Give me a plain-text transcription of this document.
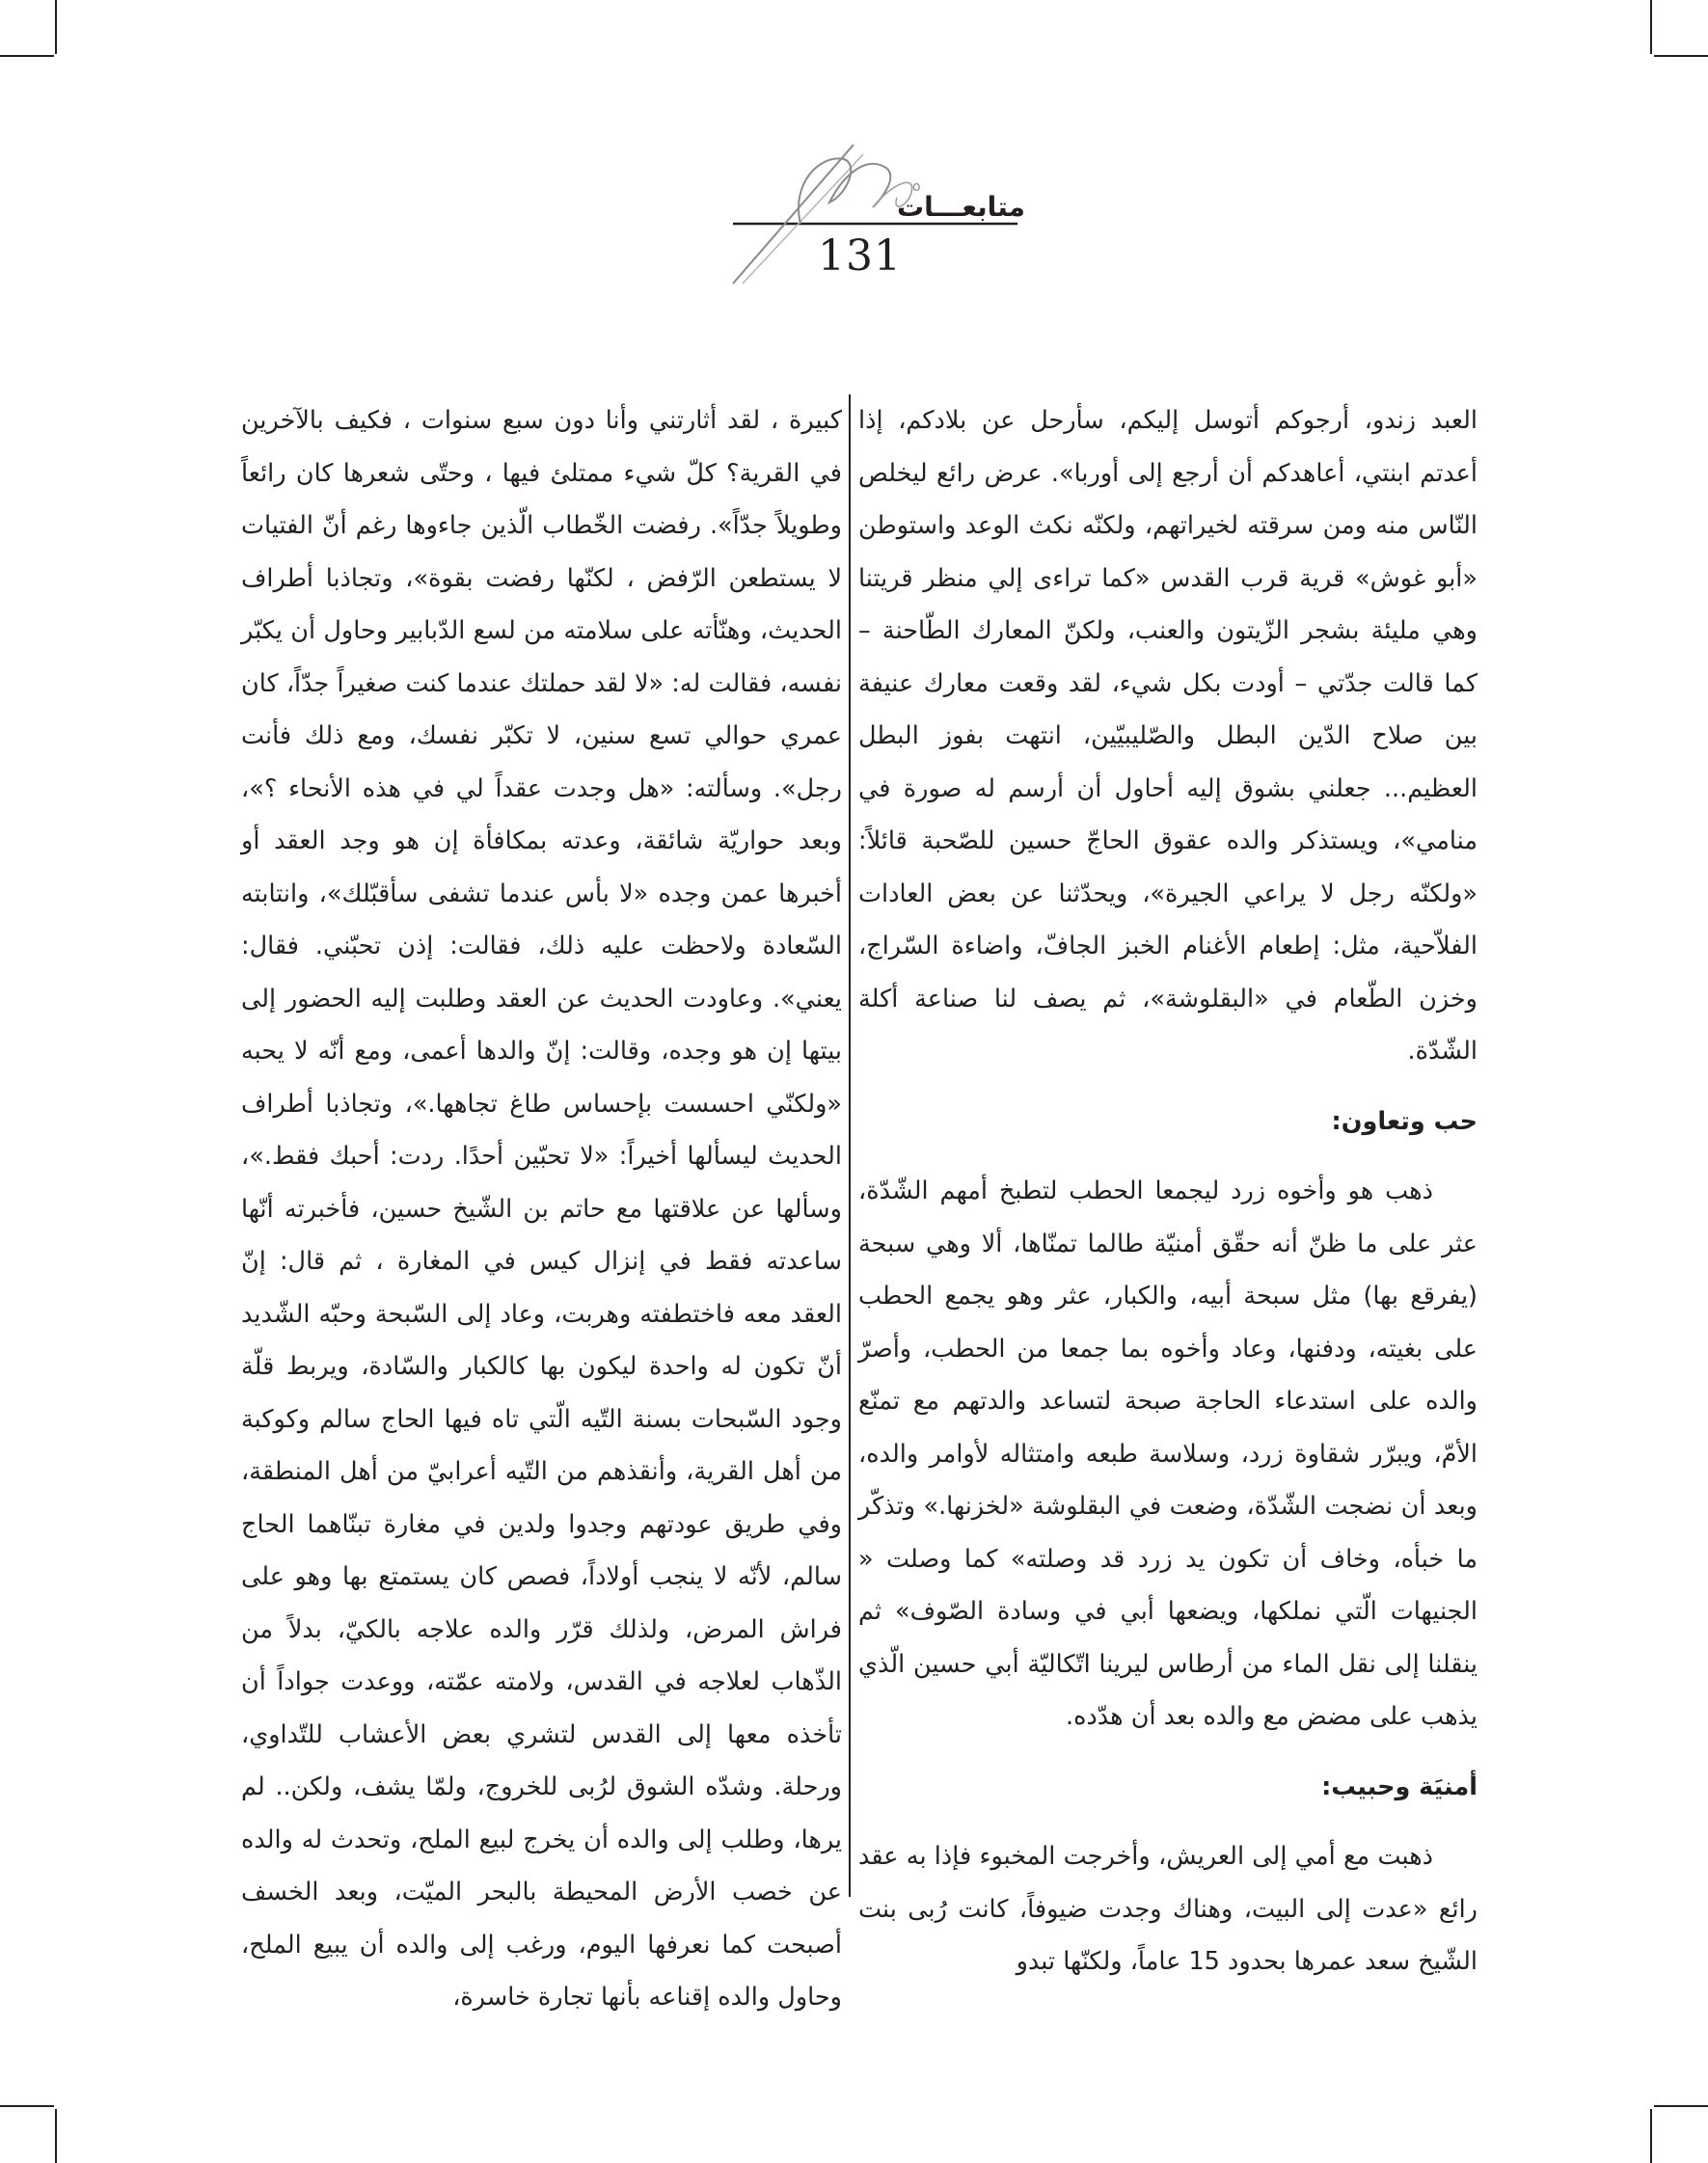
o
متابعـــات
131

العبد زندو، أرجوكم أتوسل إليكم، سأرحل عن بلادكم، إذا أعدتم ابنتي، أعاهدكم أن أرجع إلى أوربا». عرض رائع ليخلص النّاس منه ومن سرقته لخيراتهم، ولكنّه نكث الوعد واستوطن «أبو غوش» قرية قرب القدس «كما تراءى إلي منظر قريتنا وهي مليئة بشجر الزّيتون والعنب، ولكنّ المعارك الطّاحنة – كما قالت جدّتي – أودت بكل شيء، لقد وقعت معارك عنيفة بين صلاح الدّين البطل والصّليبيّين، انتهت بفوز البطل العظيم... جعلني بشوق إليه أحاول أن أرسم له صورة في منامي»، ويستذكر والده عقوق الحاجّ حسين للصّحبة قائلاً: «ولكنّه رجل لا يراعي الجيرة»، ويحدّثنا عن بعض العادات الفلاّحية، مثل: إطعام الأغنام الخبز الجافّ، واضاءة السّراج، وخزن الطّعام في «البقلوشة»، ثم يصف لنا صناعة أكلة الشّدّة.

حب وتعاون:

ذهب هو وأخوه زرد ليجمعا الحطب لتطبخ أمهم الشّدّة، عثر على ما ظنّ أنه حقّق أمنيّة طالما تمنّاها، ألا وهي سبحة (يفرقع بها) مثل سبحة أبيه، والكبار، عثر وهو يجمع الحطب على بغيته، ودفنها، وعاد وأخوه بما جمعا من الحطب، وأصرّ والده على استدعاء الحاجة صبحة لتساعد والدتهم مع تمنّع الأمّ، ويبرّر شقاوة زرد، وسلاسة طبعه وامتثاله لأوامر والده، وبعد أن نضجت الشّدّة، وضعت في البقلوشة «لخزنها.» وتذكّر ما خبأه، وخاف أن تكون يد زرد قد وصلته» كما وصلت « الجنيهات الّتي نملكها، ويضعها أبي في وسادة الصّوف» ثم ينقلنا إلى نقل الماء من أرطاس ليرينا اتّكاليّة أبي حسين الّذي يذهب على مضض مع والده بعد أن هدّده.

أمنيَة وحبيب:

ذهبت مع أمي إلى العريش، وأخرجت المخبوء فإذا به عقد رائع «عدت إلى البيت، وهناك وجدت ضيوفاً، كانت رُبى بنت الشّيخ سعد عمرها بحدود 15 عاماً، ولكنّها تبدو

كبيرة ، لقد أثارتني وأنا دون سبع سنوات ، فكيف بالآخرين في القرية؟ كلّ شيء ممتلئ فيها ، وحتّى شعرها كان رائعاً وطويلاً جدّاً». رفضت الخّطاب الّذين جاءوها رغم أنّ الفتيات لا يستطعن الرّفض ، لكنّها رفضت بقوة»، وتجاذبا أطراف الحديث، وهنّأته على سلامته من لسع الدّبابير وحاول أن يكبّر نفسه، فقالت له: «لا لقد حملتك عندما كنت صغيراً جدّاً، كان عمري حوالي تسع سنين، لا تكبّر نفسك، ومع ذلك فأنت رجل». وسألته: «هل وجدت عقداً لي في هذه الأنحاء ؟»، وبعد حواريّة شائقة، وعدته بمكافأة إن هو وجد العقد أو أخبرها عمن وجده «لا بأس عندما تشفى سأقبّلك»، وانتابته السّعادة ولاحظت عليه ذلك، فقالت: إذن تحبّني. فقال: يعني». وعاودت الحديث عن العقد وطلبت إليه الحضور إلى بيتها إن هو وجده، وقالت: إنّ والدها أعمى، ومع أنّه لا يحبه «ولكنّي احسست بإحساس طاغ تجاهها.»، وتجاذبا أطراف الحديث ليسألها أخيراً: «لا تحبّين أحدًا. ردت: أحبك فقط.»، وسألها عن علاقتها مع حاتم بن الشّيخ حسين، فأخبرته أنّها ساعدته فقط في إنزال كيس في المغارة ، ثم قال: إنّ العقد معه فاختطفته وهربت، وعاد إلى السّبحة وحبّه الشّديد أنّ تكون له واحدة ليكون بها كالكبار والسّادة، ويربط قلّة وجود السّبحات بسنة التّيه الّتي تاه فيها الحاج سالم وكوكبة من أهل القرية، وأنقذهم من التّيه أعرابيّ من أهل المنطقة، وفي طريق عودتهم وجدوا ولدين في مغارة تبنّاهما الحاج سالم، لأنّه لا ينجب أولاداً، فصص كان يستمتع بها وهو على فراش المرض، ولذلك قرّر والده علاجه بالكيّ، بدلاً من الذّهاب لعلاجه في القدس، ولامته عمّته، ووعدت جواداً أن تأخذه معها إلى القدس لتشري بعض الأعشاب للتّداوي، ورحلة. وشدّه الشوق لرُبى للخروج، ولمّا يشف، ولكن.. لم يرها، وطلب إلى والده أن يخرج لبيع الملح، وتحدث له والده عن خصب الأرض المحيطة بالبحر الميّت، وبعد الخسف أصبحت كما نعرفها اليوم، ورغب إلى والده أن يبيع الملح، وحاول والده إقناعه بأنها تجارة خاسرة،
